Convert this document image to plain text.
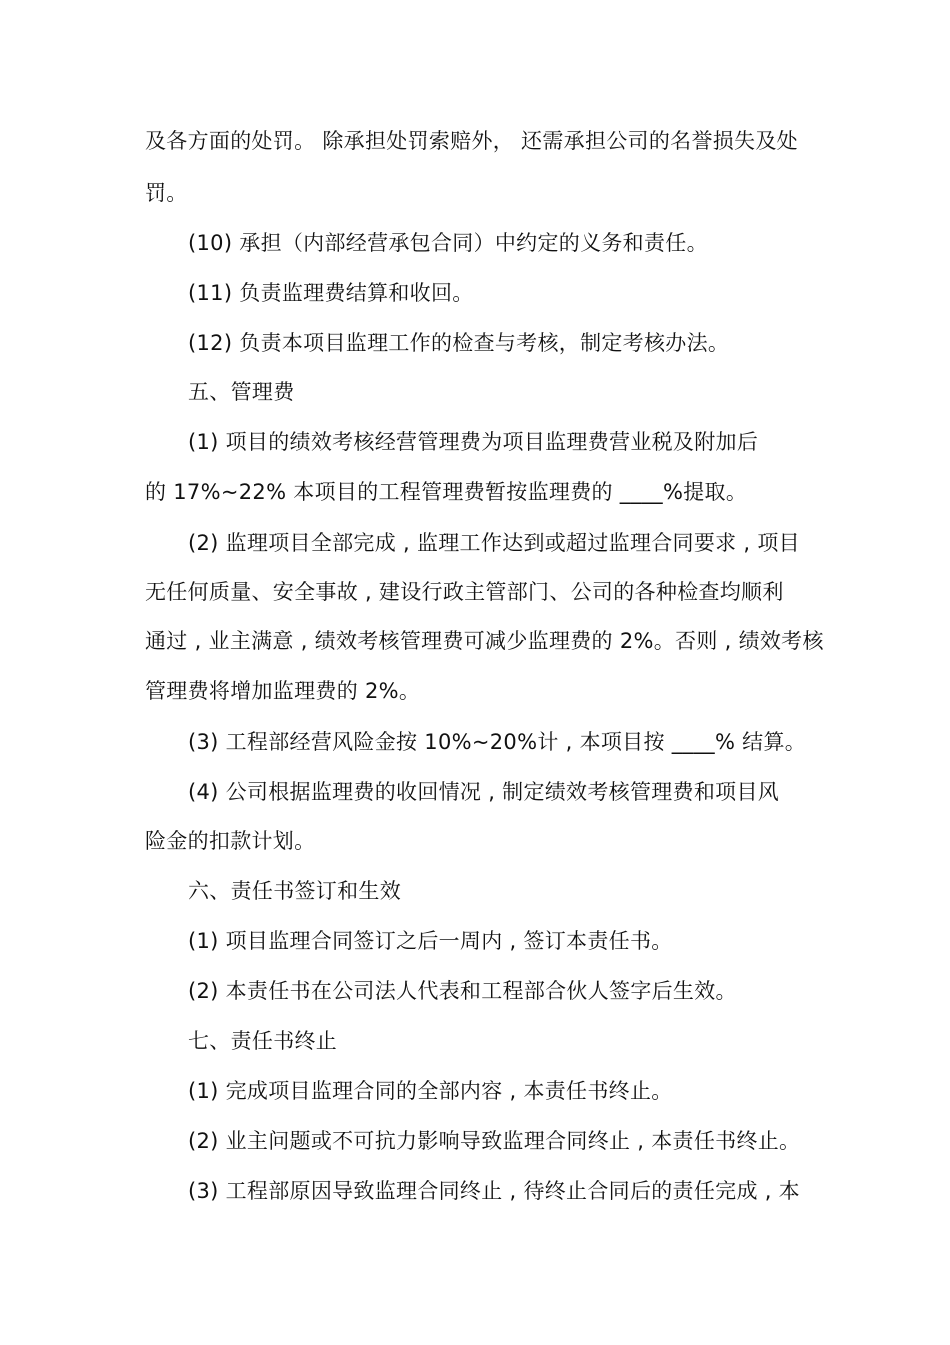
及各方面的处罚。 除承担处罚索赔外， 还需承担公司的名誉损失及处
罚。
(10) 承担（内部经营承包合同）中约定的义务和责任。
(11) 负责监理费结算和收回。
(12) 负责本项目监理工作的检查与考核，制定考核办法。
五、管理费
(1) 项目的绩效考核经营管理费为项目监理费营业税及附加后
的 17%~22% 本项目的工程管理费暂按监理费的 ____%提取。
(2) 监理项目全部完成 , 监理工作达到或超过监理合同要求 , 项目
无任何质量、安全事故 , 建设行政主管部门、公司的各种检查均顺利
通过 , 业主满意 , 绩效考核管理费可减少监理费的 2%。否则 , 绩效考核
管理费将增加监理费的 2%。
(3) 工程部经营风险金按 10%~20%计 , 本项目按 ____% 结算。
(4) 公司根据监理费的收回情况 , 制定绩效考核管理费和项目风
险金的扣款计划。
六、责任书签订和生效
(1) 项目监理合同签订之后一周内 , 签订本责任书。
(2) 本责任书在公司法人代表和工程部合伙人签字后生效。
七、责任书终止
(1) 完成项目监理合同的全部内容 , 本责任书终止。
(2) 业主问题或不可抗力影响导致监理合同终止 , 本责任书终止。
(3) 工程部原因导致监理合同终止 , 待终止合同后的责任完成 , 本
